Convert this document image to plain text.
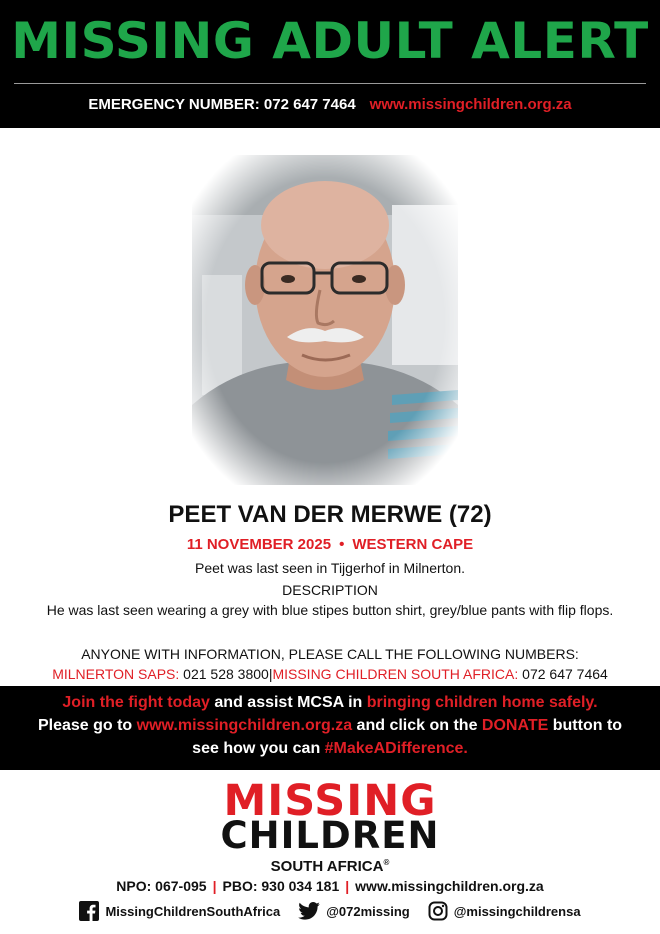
MISSING ADULT ALERT
EMERGENCY NUMBER: 072 647 7464 www.missingchildren.org.za
PEET VAN DER MERWE (72)
11 NOVEMBER 2025 • WESTERN CAPE
Peet was last seen in Tijgerhof in Milnerton.
DESCRIPTION
He was last seen wearing a grey with blue stipes button shirt, grey/blue pants with flip flops.
ANYONE WITH INFORMATION, PLEASE CALL THE FOLLOWING NUMBERS:
MILNERTON SAPS: 021 528 3800|MISSING CHILDREN SOUTH AFRICA: 072 647 7464
Join the fight today and assist MCSA in bringing children home safely.
Please go to www.missingchildren.org.za and click on the DONATE button to
see how you can #MakeADifference.
MISSING
CHILDREN
SOUTH AFRICA®
NPO: 067-095 | PBO: 930 034 181 | www.missingchildren.org.za
MissingChildrenSouthAfrica	@072missing	@missingchildrensa
